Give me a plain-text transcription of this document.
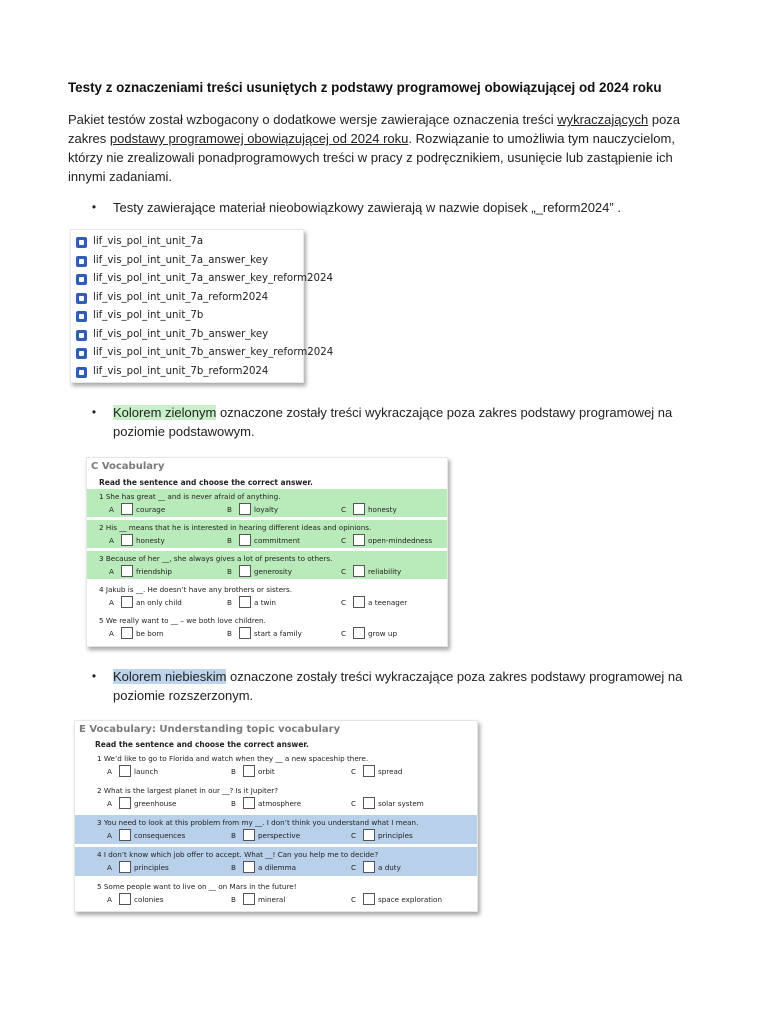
Testy z oznaczeniami treści usuniętych z podstawy programowej obowiązującej od 2024 roku

Pakiet testów został wzbogacony o dodatkowe wersje zawierające oznaczenia treści wykraczających poza zakres podstawy programowej obowiązującej od 2024 roku. Rozwiązanie to umożliwia tym nauczycielom, którzy nie zrealizowali ponadprogramowych treści w pracy z podręcznikiem, usunięcie lub zastąpienie ich innymi zadaniami.

•	Testy zawierające materiał nieobowiązkowy zawierają w nazwie dopisek „_reform2024” .
lif_vis_pol_int_unit_7a
lif_vis_pol_int_unit_7a_answer_key
lif_vis_pol_int_unit_7a_answer_key_reform2024
lif_vis_pol_int_unit_7a_reform2024
lif_vis_pol_int_unit_7b
lif_vis_pol_int_unit_7b_answer_key
lif_vis_pol_int_unit_7b_answer_key_reform2024
lif_vis_pol_int_unit_7b_reform2024
•	Kolorem zielonym oznaczone zostały treści wykraczające poza zakres podstawy programowej na poziomie podstawowym.
C Vocabulary
Read the sentence and choose the correct answer.
1 She has great __ and is never afraid of anything.
A	courage	B	loyalty	C	honesty
2 His __ means that he is interested in hearing different ideas and opinions.
A	honesty	B	commitment	C	open-mindedness
3 Because of her __, she always gives a lot of presents to others.
A	friendship	B	generosity	C	reliability
4 Jakub is __. He doesn’t have any brothers or sisters.
A	an only child	B	a twin	C	a teenager
5 We really want to __ – we both love children.
A	be born	B	start a family	C	grow up
•	Kolorem niebieskim oznaczone zostały treści wykraczające poza zakres podstawy programowej na poziomie rozszerzonym.
E Vocabulary: Understanding topic vocabulary
Read the sentence and choose the correct answer.
1 We’d like to go to Florida and watch when they __ a new spaceship there.
A	launch	B	orbit	C	spread
2 What is the largest planet in our __? Is it Jupiter?
A	greenhouse	B	atmosphere	C	solar system
3 You need to look at this problem from my __. I don’t think you understand what I mean.
A	consequences	B	perspective	C	principles
4 I don’t know which job offer to accept. What __! Can you help me to decide?
A	principles	B	a dilemma	C	a duty
5 Some people want to live on __ on Mars in the future!
A	colonies	B	mineral	C	space exploration
